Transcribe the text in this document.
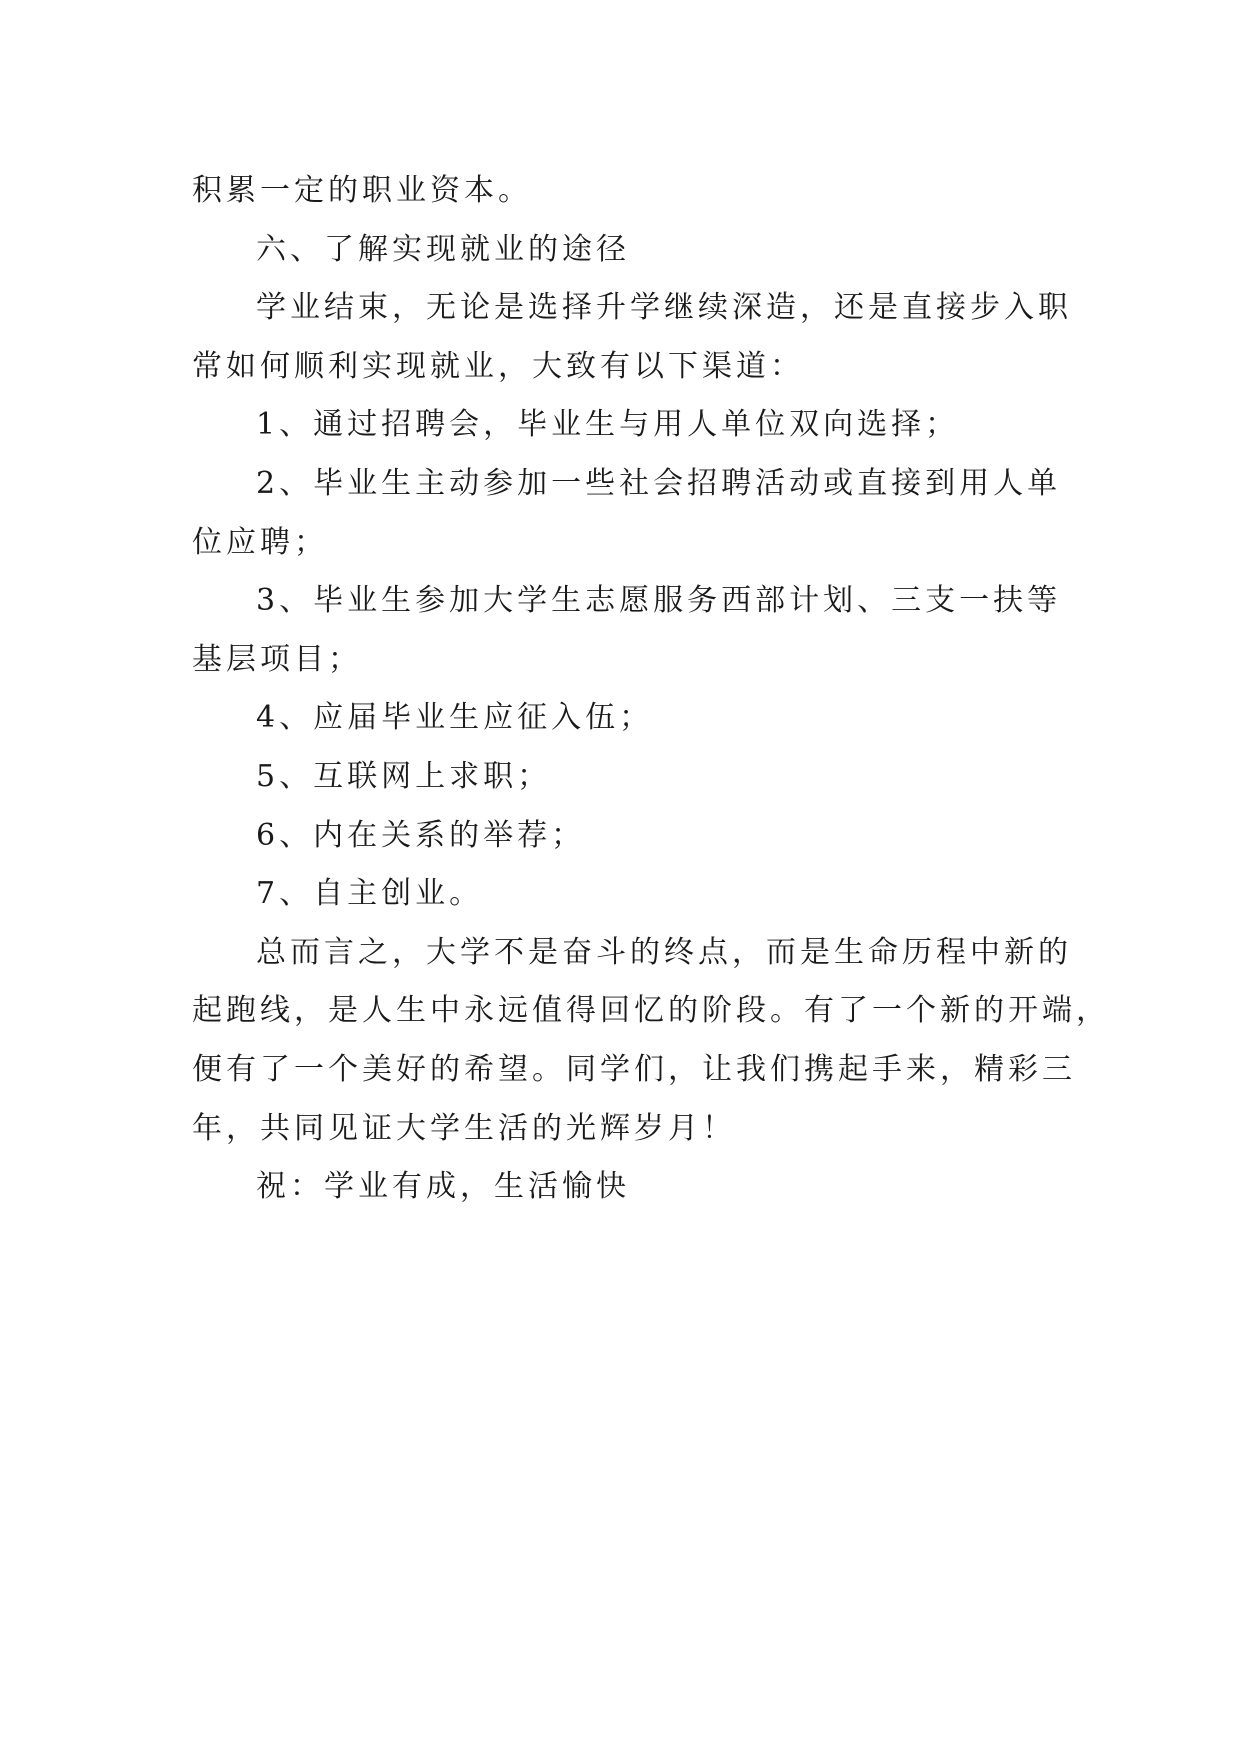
积累一定的职业资本。
六、了解实现就业的途径
学业结束，无论是选择升学继续深造，还是直接步入职
常如何顺利实现就业，大致有以下渠道：
1、通过招聘会，毕业生与用人单位双向选择；
2、毕业生主动参加一些社会招聘活动或直接到用人单
位应聘；
3、毕业生参加大学生志愿服务西部计划、三支一扶等
基层项目；
4、应届毕业生应征入伍；
5、互联网上求职；
6、内在关系的举荐；
7、自主创业。
总而言之，大学不是奋斗的终点，而是生命历程中新的
起跑线，是人生中永远值得回忆的阶段。有了一个新的开端，
便有了一个美好的希望。同学们，让我们携起手来，精彩三
年，共同见证大学生活的光辉岁月！
祝：学业有成，生活愉快
